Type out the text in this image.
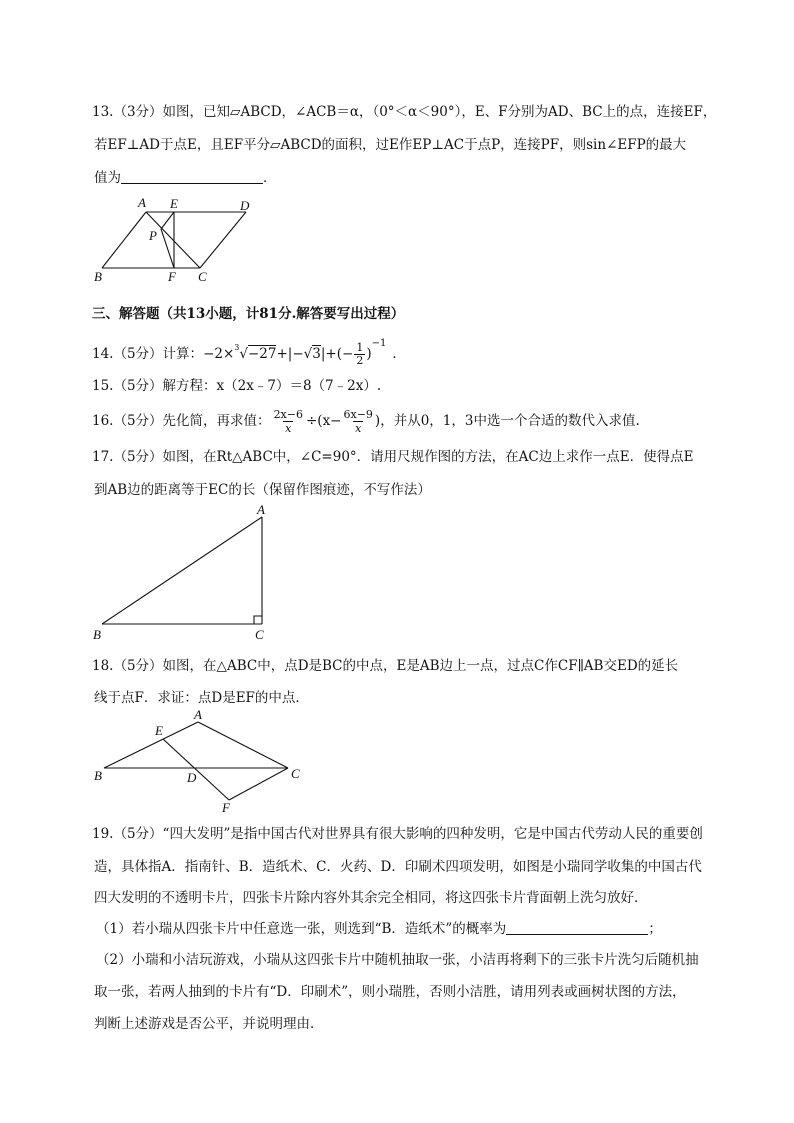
13.（3分）如图，已知▱ABCD，∠ACB＝α，（0°＜α＜90°），E、F分别为AD、BC上的点，连接EF，
若EF⊥AD于点E，且EF平分▱ABCD的面积，过E作EP⊥AC于点P，连接PF，则sin∠EFP的最大
值为	．
A E	D
P
B	F C
三、解答题（共13小题，计81分.解答要写出过程）
14.（5分）计算：$-2\times^3√-27+|-√3|+(- \frac{1}{2} )^{-1}$．
15.（5分）解方程：x（2x﹣7）＝8（7﹣2x）.
16.（5分）先化简，再求值： $\frac{2x-6}{x} \div(x- \frac{6x-9}{x}$ )，并从0，1，3中选一个合适的数代入求值.
17.（5分）如图，在Rt△ABC中，∠C=90°．请用尺规作图的方法，在AC边上求作一点E．使得点E
到AB边的距离等于EC的长（保留作图痕迹，不写作法）
A
B	C
18.（5分）如图，在△ABC中，点D是BC的中点，E是AB边上一点，过点C作CF∥AB交ED的延长
线于点F．求证：点D是EF的中点．
A
E
B	D	C
F
19.（5分）“四大发明”是指中国古代对世界具有很大影响的四种发明，它是中国古代劳动人民的重要创
造，具体指A．指南针、B．造纸术、C．火药、D．印刷术四项发明，如图是小瑞同学收集的中国古代
四大发明的不透明卡片，四张卡片除内容外其余完全相同，将这四张卡片背面朝上洗匀放好．
（1）若小瑞从四张卡片中任意选一张，则选到“B．造纸术”的概率为	；
（2）小瑞和小洁玩游戏，小瑞从这四张卡片中随机抽取一张，小洁再将剩下的三张卡片洗匀后随机抽
取一张，若两人抽到的卡片有“D．印刷术”，则小瑞胜，否则小洁胜，请用列表或画树状图的方法，
判断上述游戏是否公平，并说明理由．
